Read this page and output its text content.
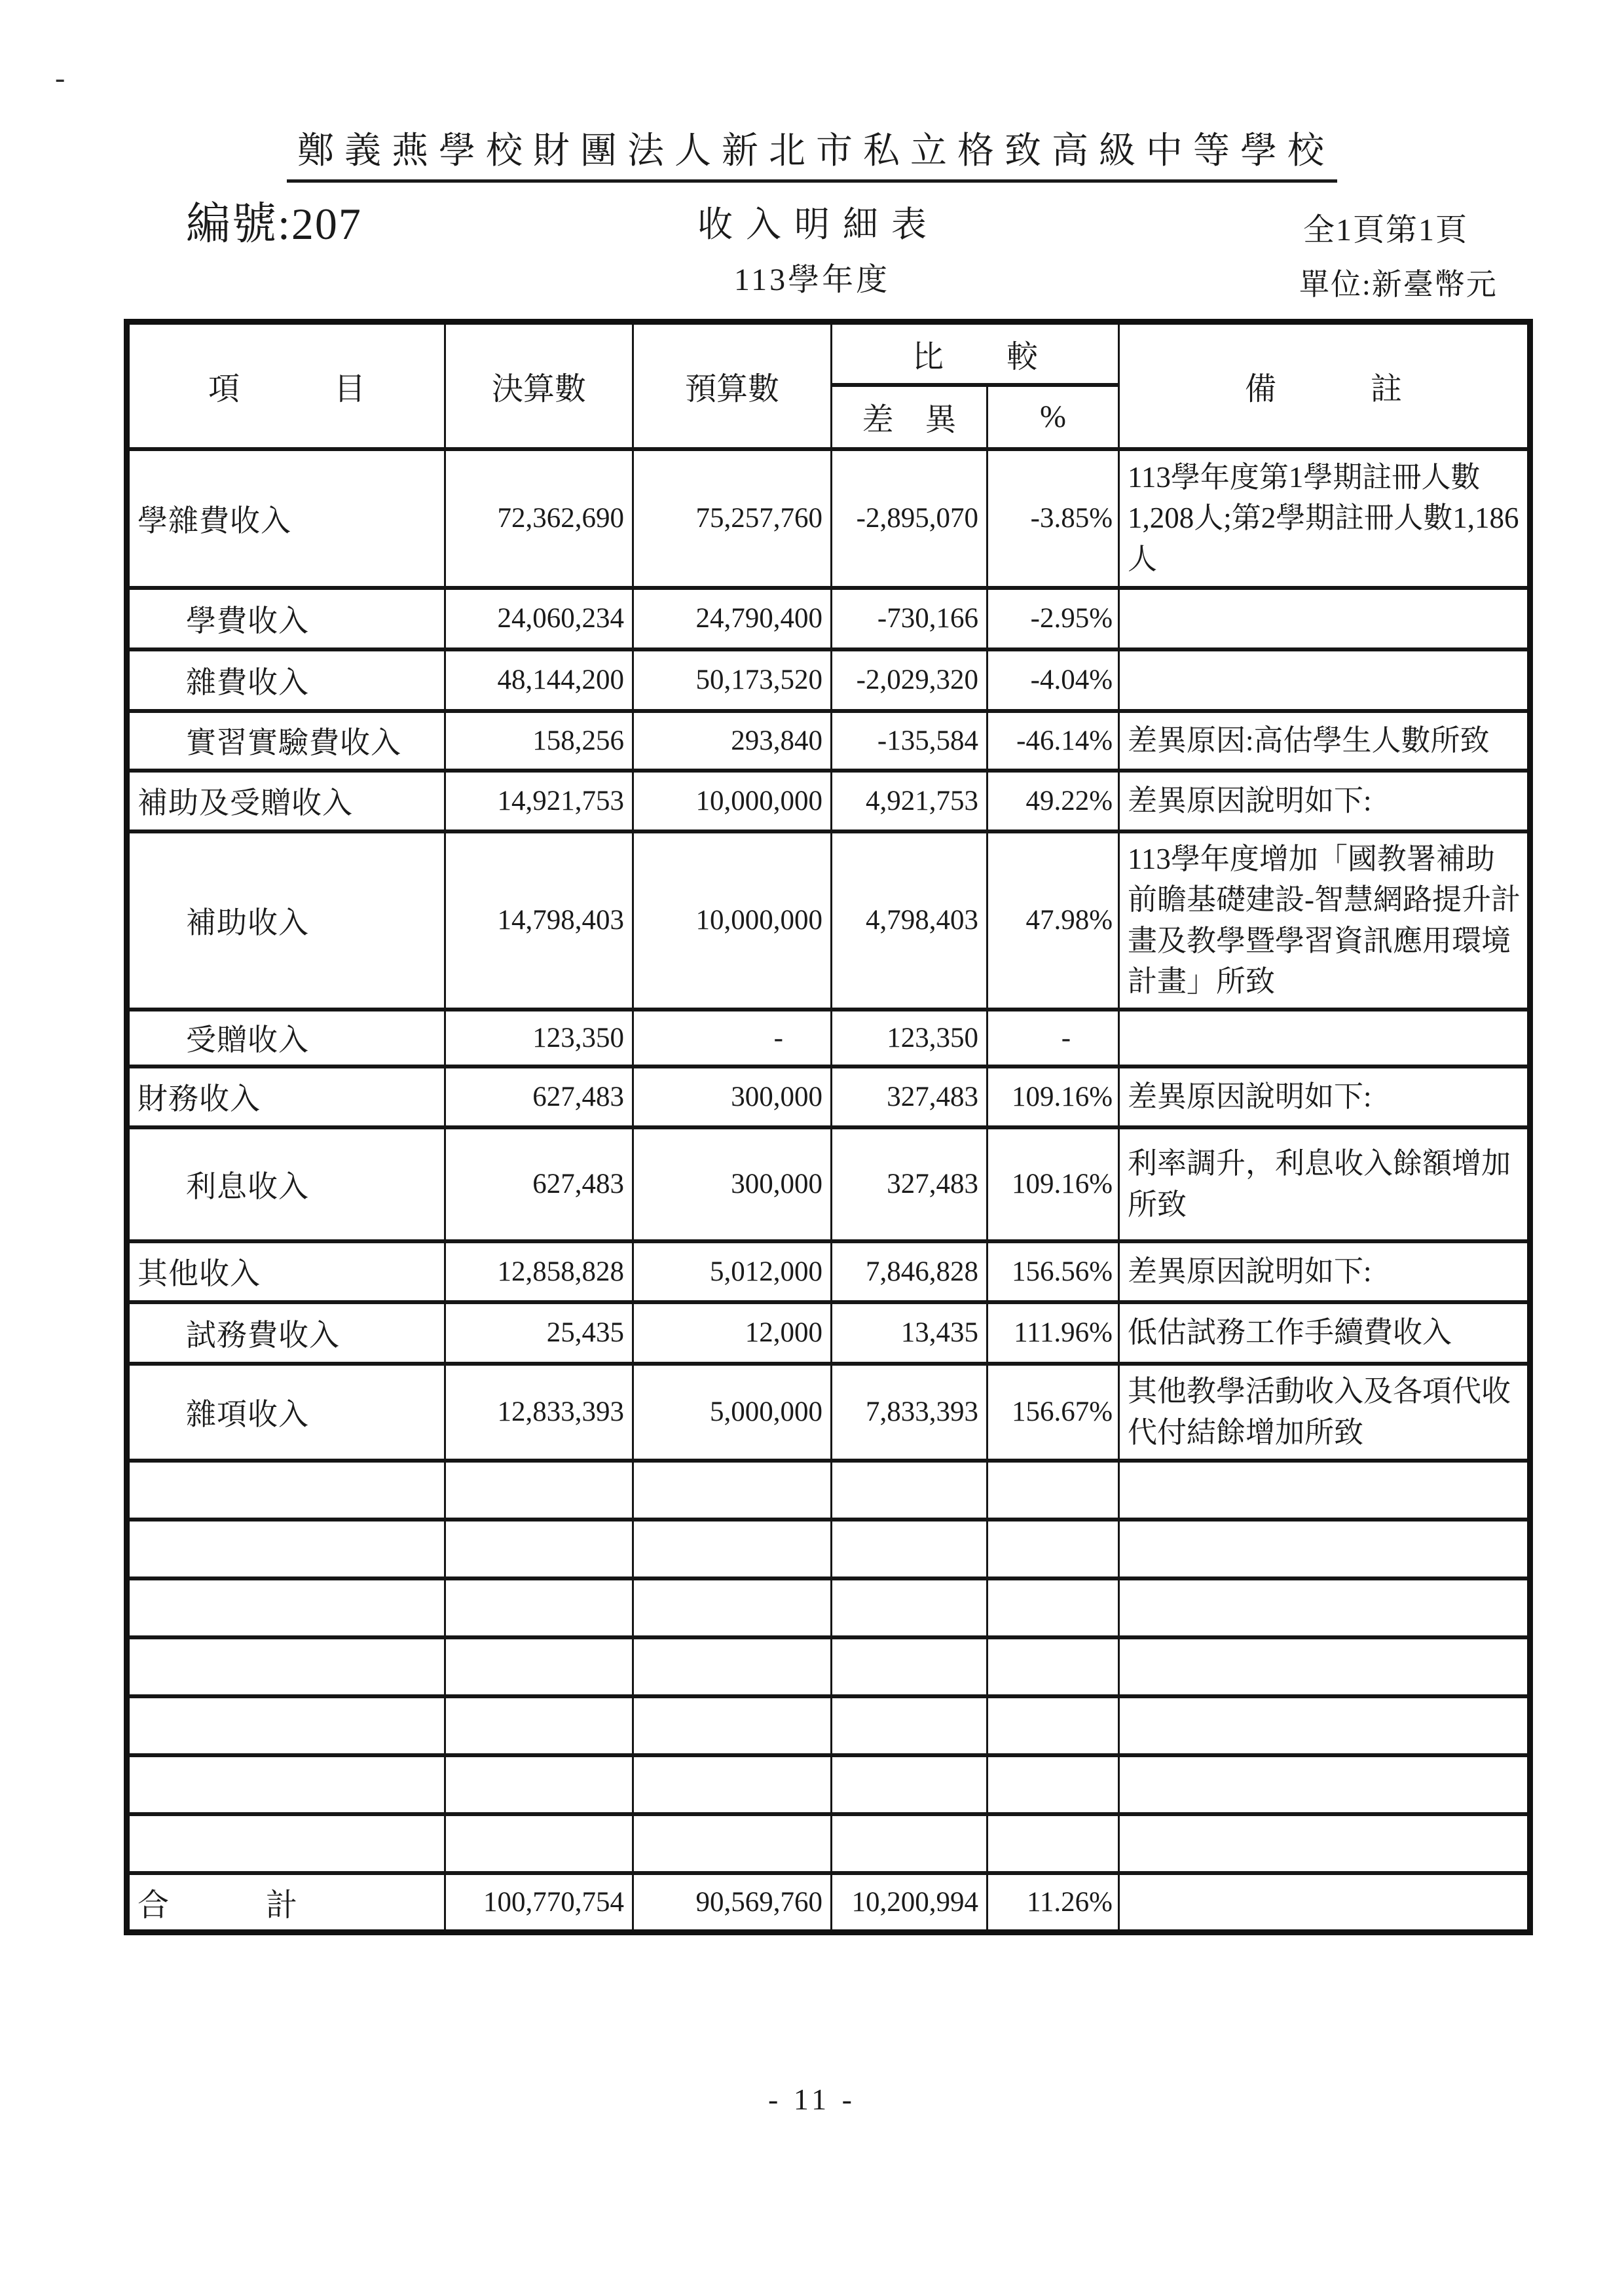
-
鄭義燕學校財團法人新北市私立格致高級中等學校
編號:207	收入明細表	全1頁第1頁
113學年度	單位:新臺幣元
項　　　目	決算數	預算數	比　　較		備　　　註
			差　異	%	
學雜費收入	72,362,690	75,257,760	-2,895,070	-3.85%	113學年度第1學期註冊人數1,208人;第2學期註冊人數1,186人
學費收入	24,060,234	24,790,400	-730,166	-2.95%	
雜費收入	48,144,200	50,173,520	-2,029,320	-4.04%	
實習實驗費收入	158,256	293,840	-135,584	-46.14%	差異原因:高估學生人數所致
補助及受贈收入	14,921,753	10,000,000	4,921,753	49.22%	差異原因說明如下:
補助收入	14,798,403	10,000,000	4,798,403	47.98%	113學年度增加「國教署補助前瞻基礎建設-智慧網路提升計畫及教學暨學習資訊應用環境計畫」所致
受贈收入	123,350	-	123,350	-	
財務收入	627,483	300,000	327,483	109.16%	差異原因說明如下:
利息收入	627,483	300,000	327,483	109.16%	利率調升，利息收入餘額增加所致
其他收入	12,858,828	5,012,000	7,846,828	156.56%	差異原因說明如下:
試務費收入	25,435	12,000	13,435	111.96%	低估試務工作手續費收入
雜項收入	12,833,393	5,000,000	7,833,393	156.67%	其他教學活動收入及各項代收代付結餘增加所致

合　　　計	100,770,754	90,569,760	10,200,994	11.26%	
- 11 -
